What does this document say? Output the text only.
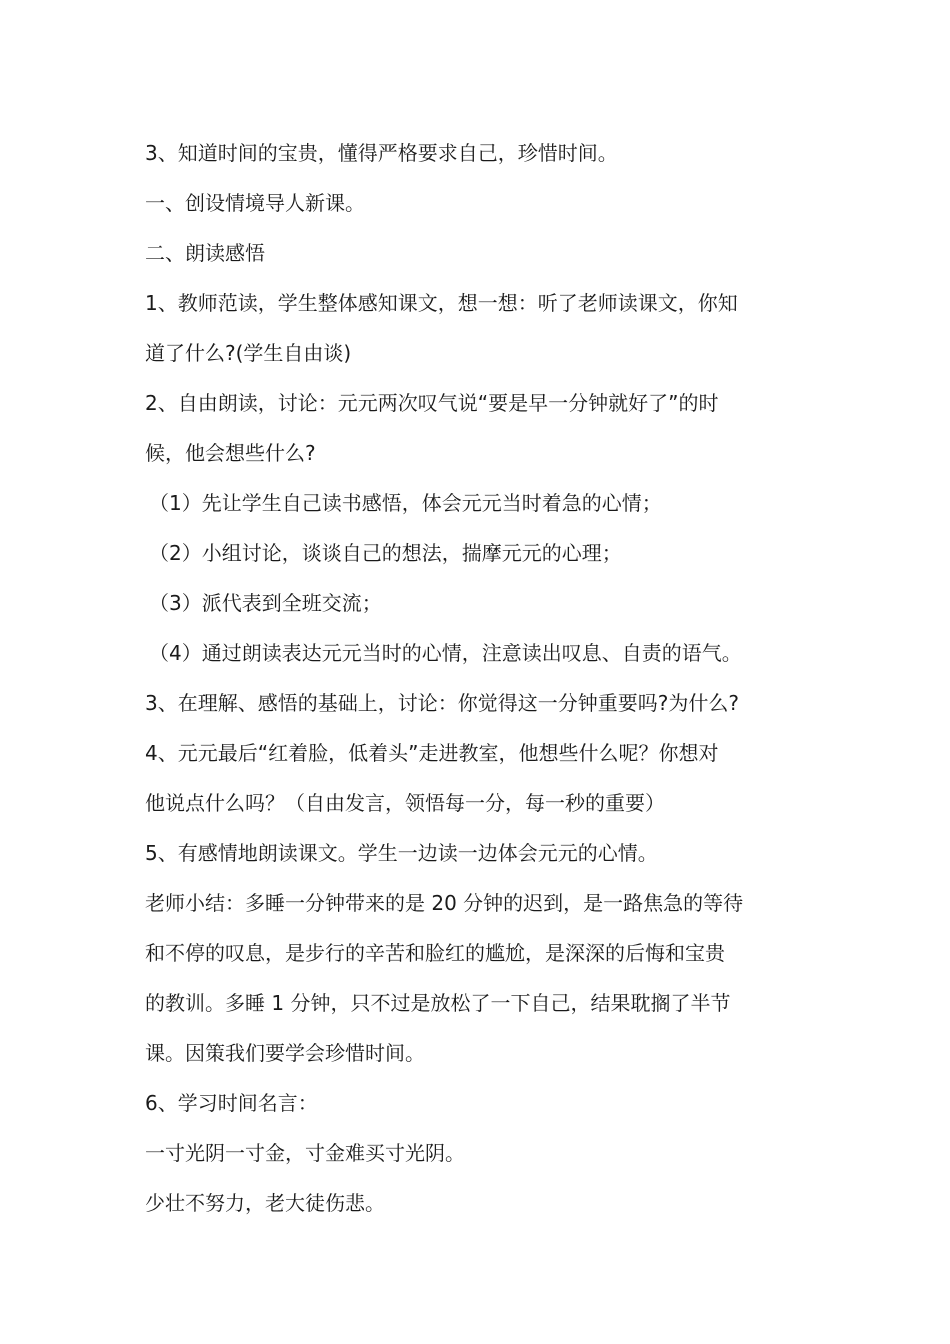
3、知道时间的宝贵，懂得严格要求自己，珍惜时间。
一、创设情境导人新课。
二、朗读感悟
1、教师范读，学生整体感知课文，想一想：听了老师读课文，你知
道了什么?(学生自由谈)
2、自由朗读，讨论：元元两次叹气说“要是早一分钟就好了”的时
候，他会想些什么?
（1）先让学生自己读书感悟，体会元元当时着急的心情；
（2）小组讨论，谈谈自己的想法，揣摩元元的心理；
（3）派代表到全班交流；
（4）通过朗读表达元元当时的心情，注意读出叹息、自责的语气。
3、在理解、感悟的基础上，讨论：你觉得这一分钟重要吗?为什么?
4、元元最后“红着脸，低着头”走进教室，他想些什么呢？你想对
他说点什么吗？（自由发言，领悟每一分，每一秒的重要）
5、有感情地朗读课文。学生一边读一边体会元元的心情。
老师小结：多睡一分钟带来的是 20 分钟的迟到，是一路焦急的等待
和不停的叹息，是步行的辛苦和脸红的尴尬，是深深的后悔和宝贵
的教训。多睡 1 分钟，只不过是放松了一下自己，结果耽搁了半节
课。因策我们要学会珍惜时间。
6、学习时间名言：
一寸光阴一寸金，寸金难买寸光阴。
少壮不努力，老大徒伤悲。
